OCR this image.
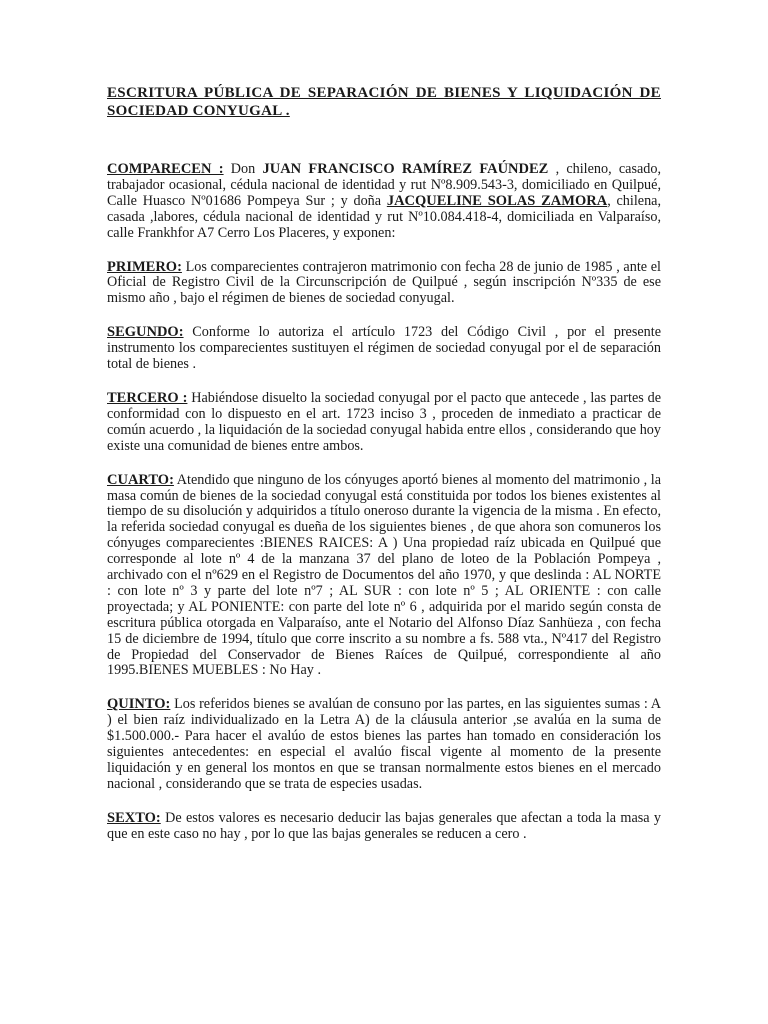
ESCRITURA PÚBLICA DE SEPARACIÓN DE BIENES Y LIQUIDACIÓN DE SOCIEDAD CONYUGAL .

COMPARECEN : Don JUAN FRANCISCO RAMÍREZ FAÚNDEZ , chileno, casado, trabajador ocasional, cédula nacional de identidad y rut Nº8.909.543-3, domiciliado en Quilpué, Calle Huasco Nº01686 Pompeya Sur ; y doña JACQUELINE SOLAS ZAMORA, chilena, casada ,labores, cédula nacional de identidad y rut Nº10.084.418-4, domiciliada en Valparaíso, calle Frankhfor A7 Cerro Los Placeres, y exponen:

PRIMERO: Los comparecientes contrajeron matrimonio con fecha 28 de junio de 1985 , ante el Oficial de Registro Civil de la Circunscripción de Quilpué , según inscripción Nº335 de ese mismo año , bajo el régimen de bienes de sociedad conyugal.

SEGUNDO: Conforme lo autoriza el artículo 1723 del Código Civil , por el presente instrumento los comparecientes sustituyen el régimen de sociedad conyugal por el de separación total de bienes .

TERCERO : Habiéndose disuelto la sociedad conyugal por el pacto que antecede , las partes de conformidad con lo dispuesto en el art. 1723 inciso 3 , proceden de inmediato a practicar de común acuerdo , la liquidación de la sociedad conyugal habida entre ellos , considerando que hoy existe una comunidad de bienes entre ambos.

CUARTO: Atendido que ninguno de los cónyuges aportó bienes al momento del matrimonio , la masa común de bienes de la sociedad conyugal está constituida por todos los bienes existentes al tiempo de su disolución y adquiridos a título oneroso durante la vigencia de la misma . En efecto, la referida sociedad conyugal es dueña de los siguientes bienes , de que ahora son comuneros los cónyuges comparecientes :BIENES RAICES: A ) Una propiedad raíz ubicada en Quilpué que corresponde al lote nº 4 de la manzana 37 del plano de loteo de la Población Pompeya , archivado con el nº629 en el Registro de Documentos del año 1970, y que deslinda : AL NORTE : con lote nº 3 y parte del lote nº7 ; AL SUR : con lote nº 5 ; AL ORIENTE : con calle proyectada; y AL PONIENTE: con parte del lote nº 6 , adquirida por el marido según consta de escritura pública otorgada en Valparaíso, ante el Notario del Alfonso Díaz Sanhüeza , con fecha 15 de diciembre de 1994, título que corre inscrito a su nombre a fs. 588 vta., Nº417 del Registro de Propiedad del Conservador de Bienes Raíces de Quilpué, correspondiente al año 1995.BIENES MUEBLES : No Hay .

QUINTO: Los referidos bienes se avalúan de consuno por las partes, en las siguientes sumas : A ) el bien raíz individualizado en la Letra A) de la cláusula anterior ,se avalúa en la suma de $1.500.000.- Para hacer el avalúo de estos bienes las partes han tomado en consideración los siguientes antecedentes: en especial el avalúo fiscal vigente al momento de la presente liquidación y en general los montos en que se transan normalmente estos bienes en el mercado nacional , considerando que se trata de especies usadas.

SEXTO: De estos valores es necesario deducir las bajas generales que afectan a toda la masa y que en este caso no hay , por lo que las bajas generales se reducen a cero .
